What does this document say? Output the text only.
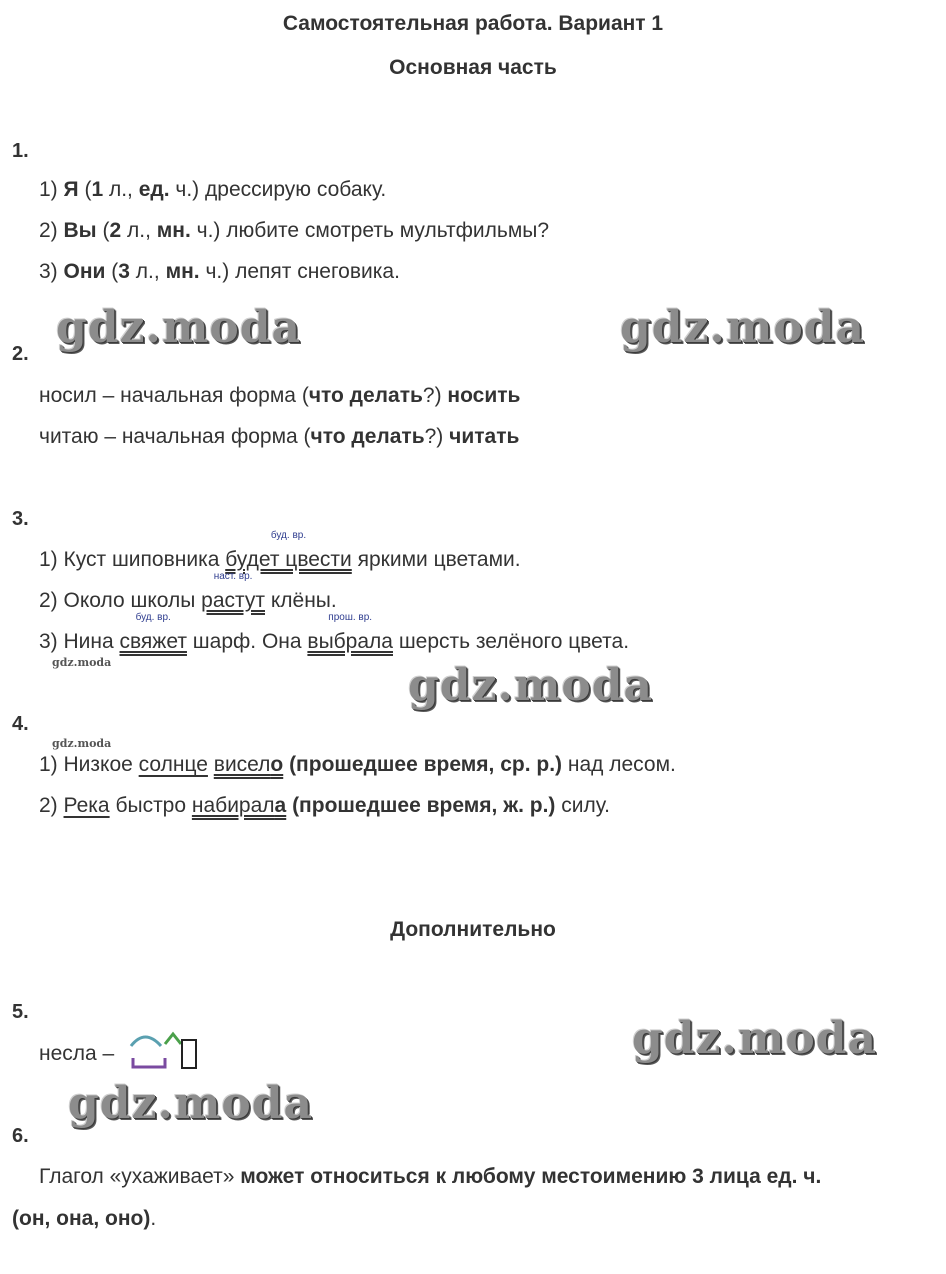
Самостоятельная работа. Вариант 1
Основная часть
1.
1) Я (1 л., ед. ч.) дрессирую собаку.
2) Вы (2 л., мн. ч.) любите смотреть мультфильмы?
3) Они (3 л., мн. ч.) лепят снеговика.
gdz.moda	gdz.moda
2.
носил – начальная форма (что делать?) носить
читаю – начальная форма (что делать?) читать
3.
1) Куст шиповника
буд. вр.
будет цвести яркими цветами.
2) Около школы
наст. вр.
растут клёны.
3) Нина
буд. вр.
свяжет шарф. Она
прош. вр.
выбрала шерсть зелёного цвета.
gdz.moda	gdz.moda
4.
gdz.moda
1) Низкое солнце висело (прошедшее время, ср. р.) над лесом.
2) Река быстро набирала (прошедшее время, ж. р.) силу.
Дополнительно
5.
несла –	gdz.moda
gdz.moda
6.
Глагол «ухаживает» может относиться к любому местоимению 3 лица ед. ч.
(он, она, оно).
